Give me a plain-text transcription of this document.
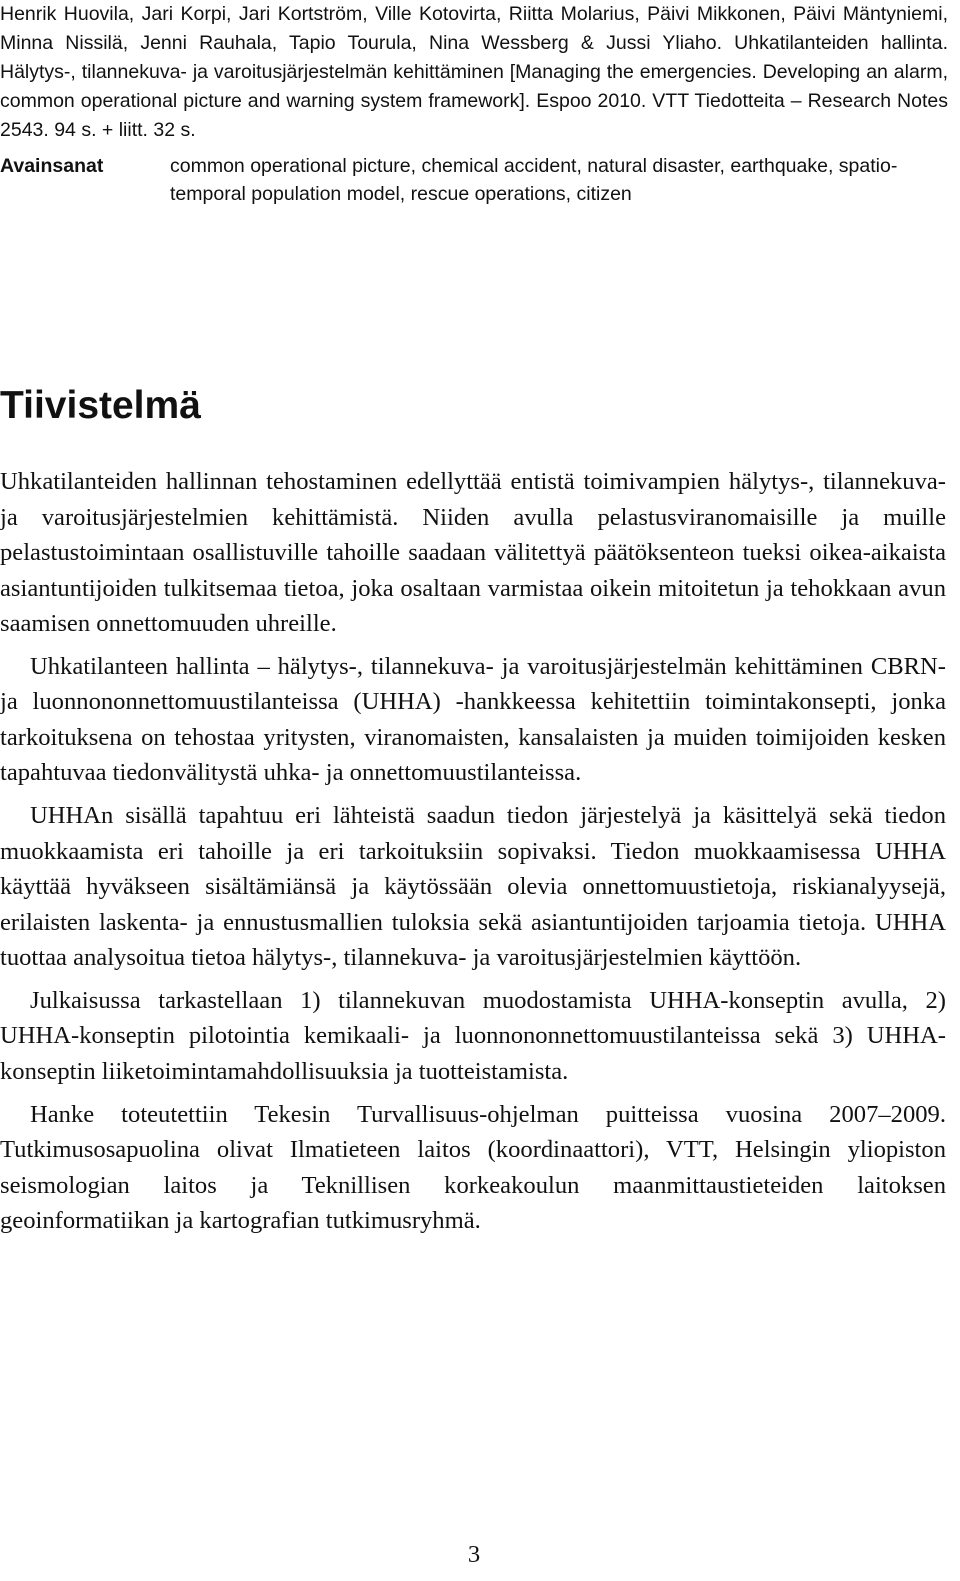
Henrik Huovila, Jari Korpi, Jari Kortström, Ville Kotovirta, Riitta Molarius, Päivi Mikkonen, Päivi Mäntyniemi, Minna Nissilä, Jenni Rauhala, Tapio Tourula, Nina Wessberg & Jussi Yliaho. Uhkatilanteiden hallinta. Hälytys-, tilannekuva- ja varoitusjärjestelmän kehittäminen [Managing the emergencies. Developing an alarm, common operational picture and warning system framework]. Espoo 2010. VTT Tiedotteita – Research Notes 2543. 94 s. + liitt. 32 s.

Avainsanat	common operational picture, chemical accident, natural disaster, earthquake, spatio-temporal population model, rescue operations, citizen
Tiivistelmä

Uhkatilanteiden hallinnan tehostaminen edellyttää entistä toimivampien hälytys-, tilannekuva- ja varoitusjärjestelmien kehittämistä. Niiden avulla pelastusviranomaisille ja muille pelastustoimintaan osallistuville tahoille saadaan välitettyä päätöksenteon tueksi oikea-aikaista asiantuntijoiden tulkitsemaa tietoa, joka osaltaan varmistaa oikein mitoitetun ja tehokkaan avun saamisen onnettomuuden uhreille.

Uhkatilanteen hallinta – hälytys-, tilannekuva- ja varoitusjärjestelmän kehittäminen CBRN- ja luonnononnettomuustilanteissa (UHHA) -hankkeessa kehitettiin toimintakonsepti, jonka tarkoituksena on tehostaa yritysten, viranomaisten, kansalaisten ja muiden toimijoiden kesken tapahtuvaa tiedonvälitystä uhka- ja onnettomuustilanteissa.

UHHAn sisällä tapahtuu eri lähteistä saadun tiedon järjestelyä ja käsittelyä sekä tiedon muokkaamista eri tahoille ja eri tarkoituksiin sopivaksi. Tiedon muokkaamisessa UHHA käyttää hyväkseen sisältämiänsä ja käytössään olevia onnettomuustietoja, riskianalyysejä, erilaisten laskenta- ja ennustusmallien tuloksia sekä asiantuntijoiden tarjoamia tietoja. UHHA tuottaa analysoitua tietoa hälytys-, tilannekuva- ja varoitusjärjestelmien käyttöön.

Julkaisussa tarkastellaan 1) tilannekuvan muodostamista UHHA-konseptin avulla, 2) UHHA-konseptin pilotointia kemikaali- ja luonnononnettomuustilanteissa sekä 3) UHHA-konseptin liiketoimintamahdollisuuksia ja tuotteistamista.

Hanke toteutettiin Tekesin Turvallisuus-ohjelman puitteissa vuosina 2007–2009. Tutkimusosapuolina olivat Ilmatieteen laitos (koordinaattori), VTT, Helsingin yliopiston seismologian laitos ja Teknillisen korkeakoulun maanmittaustieteiden laitoksen geoinformatiikan ja kartografian tutkimusryhmä.

3
